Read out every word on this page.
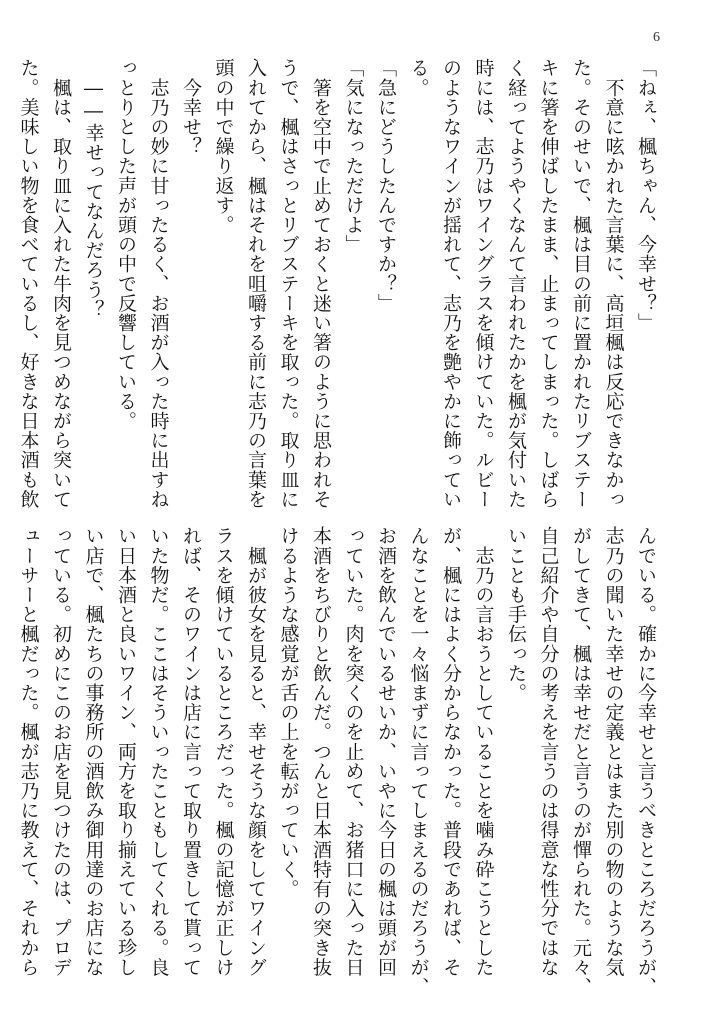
6
「ねぇ、楓ちゃん、今幸せ？」
　不意に呟かれた言葉に、高垣楓は反応できなかっ
た。そのせいで、楓は目の前に置かれたリブステー
キに箸を伸ばしたまま、止まってしまった。しばら
く経ってようやくなんて言われたかを楓が気付いた
時には、志乃はワイングラスを傾けていた。ルビー
のようなワインが揺れて、志乃を艶やかに飾ってい
る。
「急にどうしたんですか？」
「気になっただけよ」
　箸を空中で止めておくと迷い箸のように思われそ
うで、楓はさっとリブステーキを取った。取り皿に
入れてから、楓はそれを咀嚼する前に志乃の言葉を
頭の中で繰り返す。
　今幸せ？
　志乃の妙に甘ったるく、お酒が入った時に出すね
っとりとした声が頭の中で反響している。
　――幸せってなんだろう？
　楓は、取り皿に入れた牛肉を見つめながら突いて
た。美味しい物を食べているし、好きな日本酒も飲
んでいる。確かに今幸せと言うべきところだろうが、
志乃の聞いた幸せの定義とはまた別の物のような気
がしてきて、楓は幸せだと言うのが憚られた。元々、
自己紹介や自分の考えを言うのは得意な性分ではな
いことも手伝った。
　志乃の言おうとしていることを噛み砕こうとした
が、楓にはよく分からなかった。普段であれば、そ
んなことを一々悩まずに言ってしまえるのだろうが、
お酒を飲んでいるせいか、いやに今日の楓は頭が回
っていた。肉を突くのを止めて、お猪口に入った日
本酒をちびりと飲んだ。つんと日本酒特有の突き抜
けるような感覚が舌の上を転がっていく。
　楓が彼女を見ると、幸せそうな顔をしてワイング
ラスを傾けているところだった。楓の記憶が正しけ
れば、そのワインは店に言って取り置きして貰って
いた物だ。ここはそういったこともしてくれる。良
い日本酒と良いワイン、両方を取り揃えている珍し
い店で、楓たちの事務所の酒飲み御用達のお店にな
っている。初めにこのお店を見つけたのは、プロデ
ューサーと楓だった。楓が志乃に教えて、それから
